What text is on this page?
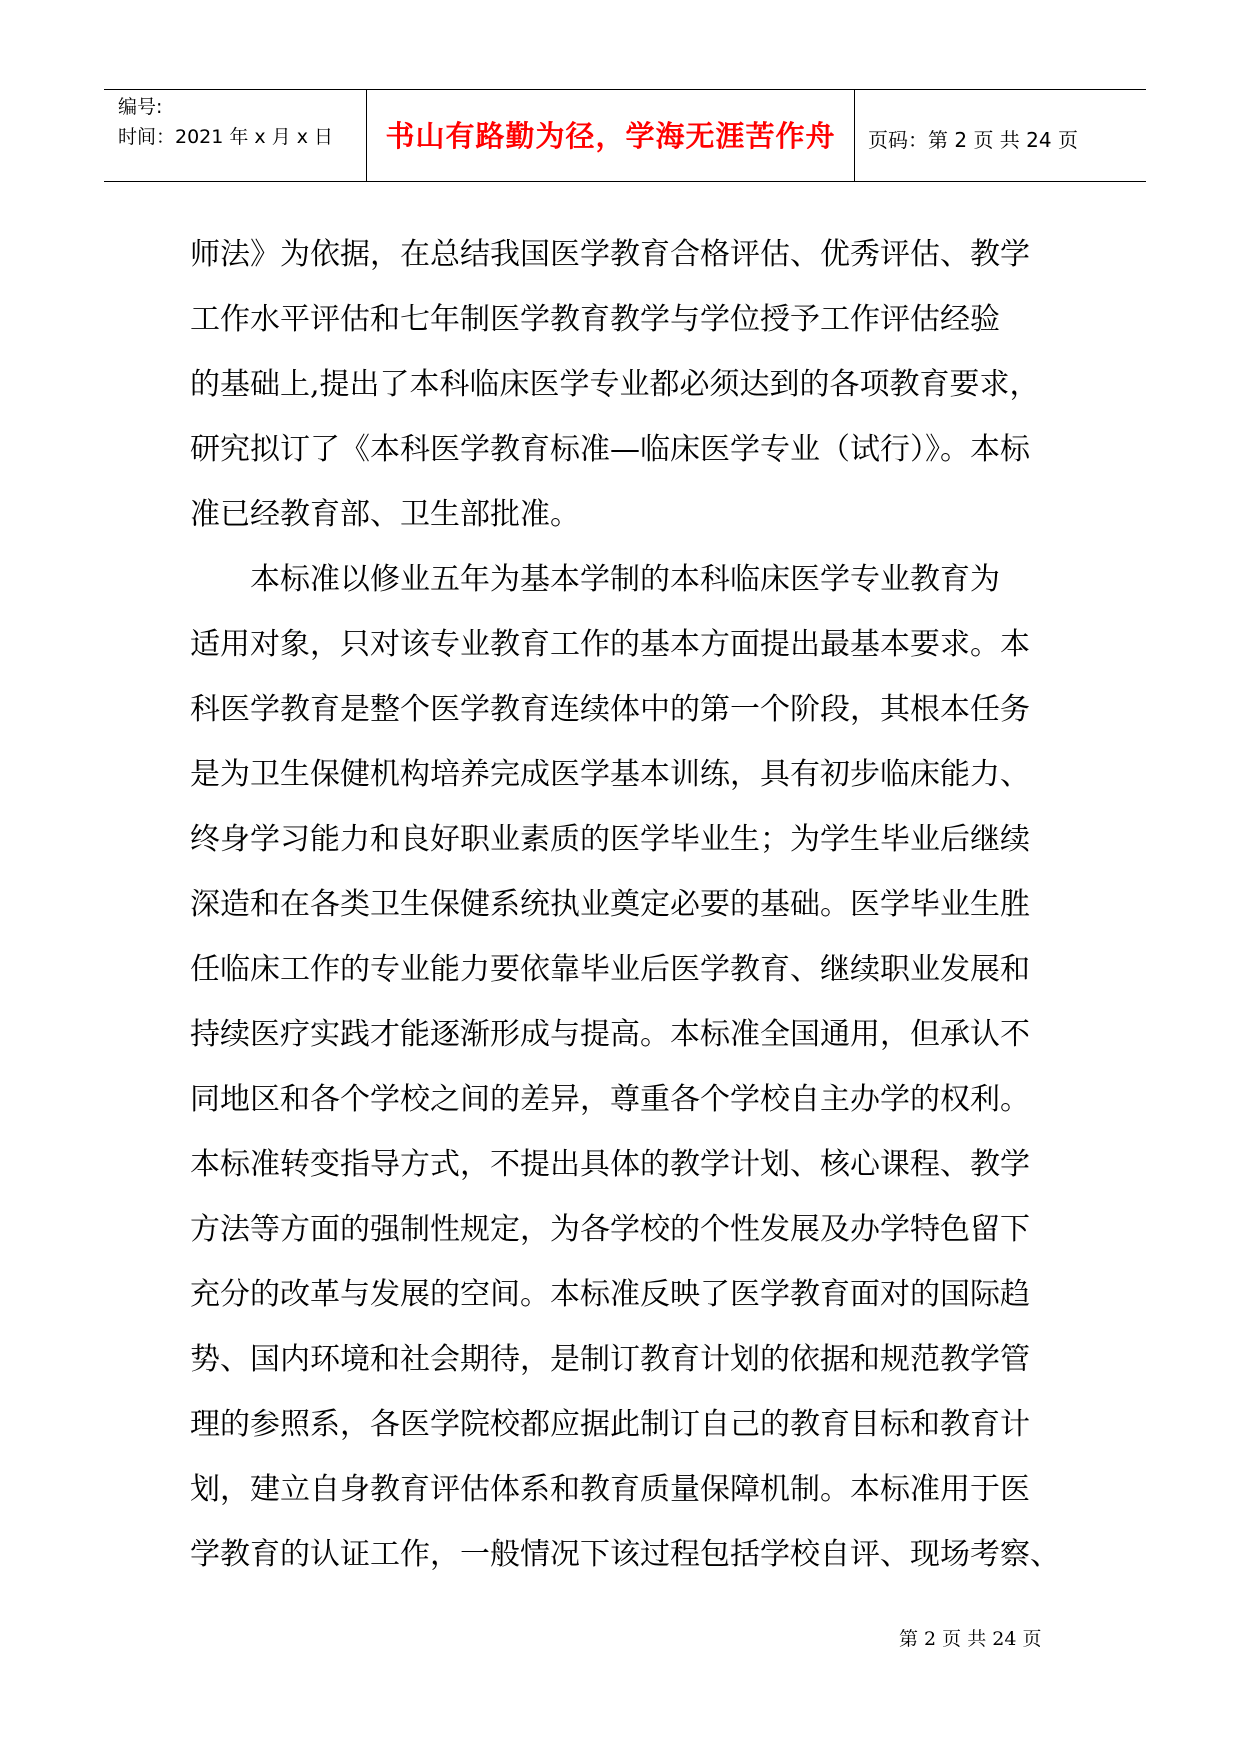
编号:
时间：2021 年 x 月 x 日	书山有路勤为径，学海无涯苦作舟	页码：第 2 页 共 24 页
师法》为依据，在总结我国医学教育合格评估、优秀评估、教学
工作水平评估和七年制医学教育教学与学位授予工作评估经验
的基础上,提出了本科临床医学专业都必须达到的各项教育要求，
研究拟订了《本科医学教育标准—临床医学专业（试行）》。本标
准已经教育部、卫生部批准。
　　本标准以修业五年为基本学制的本科临床医学专业教育为
适用对象，只对该专业教育工作的基本方面提出最基本要求。本
科医学教育是整个医学教育连续体中的第一个阶段，其根本任务
是为卫生保健机构培养完成医学基本训练，具有初步临床能力、
终身学习能力和良好职业素质的医学毕业生；为学生毕业后继续
深造和在各类卫生保健系统执业奠定必要的基础。医学毕业生胜
任临床工作的专业能力要依靠毕业后医学教育、继续职业发展和
持续医疗实践才能逐渐形成与提高。本标准全国通用，但承认不
同地区和各个学校之间的差异，尊重各个学校自主办学的权利。
本标准转变指导方式，不提出具体的教学计划、核心课程、教学
方法等方面的强制性规定，为各学校的个性发展及办学特色留下
充分的改革与发展的空间。本标准反映了医学教育面对的国际趋
势、国内环境和社会期待，是制订教育计划的依据和规范教学管
理的参照系，各医学院校都应据此制订自己的教育目标和教育计
划，建立自身教育评估体系和教育质量保障机制。本标准用于医
学教育的认证工作，一般情况下该过程包括学校自评、现场考察、
第 2 页 共 24 页
